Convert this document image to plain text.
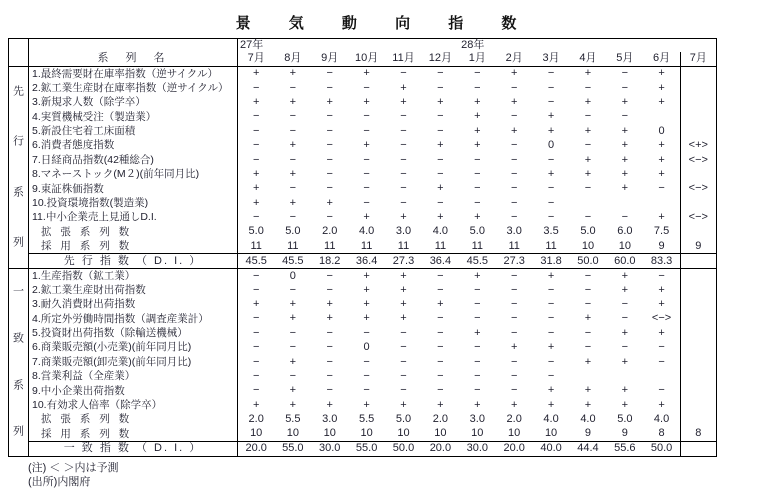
景 気 動 向 指 数
	系 列 名	27年 28年												7月
		7月	8月	9月	10月	11月	12月	1月	2月	3月	4月	5月	6月	

先
行
系
列	1.最終需要財在庫率指数（逆サイクル）	+	+	−	+	−	−	−	+	−	+	−	+	
	2.鉱工業生産財在庫率指数（逆サイクル）	−	−	−	−	+	−	−	−	−	−	−	+	
	3.新規求人数（除学卒）	+	+	+	+	+	+	+	+	−	+	+	+	
	4.実質機械受注（製造業）	−	−	−	−	−	−	+	−	+	−	−		
	5.新設住宅着工床面積	−	−	−	−	−	−	+	+	+	+	+	0	
	6.消費者態度指数	−	+	−	+	−	+	+	−	0	−	+	+	<+>
	7.日経商品指数(42種総合)	−	−	−	−	−	−	−	−	−	+	+	+	<−>
	8.マネーストック(M２)(前年同月比)	+	+	−	−	−	−	−	−	+	+	+	+	
	9.東証株価指数	+	−	−	−	−	+	−	−	−	−	+	−	<−>
	10.投資環境指数(製造業)	+	+	+	−	−	−	−	−	−				
	11.中小企業売上見通しD.I.	−	−	−	+	+	+	+	−	−	−	−	+	<−>
	拡 張 系 列 数	5.0	5.0	2.0	4.0	3.0	4.0	5.0	3.0	3.5	5.0	6.0	7.5	
	採 用 系 列 数	11	11	11	11	11	11	11	11	11	10	10	9	9
	先 行 指 数 （ D. I. ）	45.5	45.5	18.2	36.4	27.3	36.4	45.5	27.3	31.8	50.0	60.0	83.3	

一
致
系
列	1.生産指数（鉱工業）	−	0	−	+	+	−	+	−	+	−	+	−	
	2.鉱工業生産財出荷指数	−	−	−	+	+	−	−	−	−	−	+	+	
	3.耐久消費財出荷指数	+	+	+	+	+	+	−	−	−	−	−	+	
	4.所定外労働時間指数（調査産業計）	−	+	+	+	+	−	−	−	−	+	−	<−>	
	5.投資財出荷指数（除輸送機械）	−	−	−	−	−	−	+	−	−	−	+	+	
	6.商業販売額(小売業)(前年同月比)	−	−	−	0	−	−	−	+	+	−	−	−	
	7.商業販売額(卸売業)(前年同月比)	−	+	−	−	−	−	−	−	−	+	+	−	
	8.営業利益（全産業）	−	−	−	−	−	−	−	−	−				
	9.中小企業出荷指数	−	+	−	−	−	−	−	−	+	+	+	−	
	10.有効求人倍率（除学卒）	+	+	+	+	+	+	+	+	+	+	+	+	
	拡 張 系 列 数	2.0	5.5	3.0	5.5	5.0	2.0	3.0	2.0	4.0	4.0	5.0	4.0	
	採 用 系 列 数	10	10	10	10	10	10	10	10	10	9	9	8	8
	一 致 指 数 （ D. I. ）	20.0	55.0	30.0	55.0	50.0	20.0	30.0	20.0	40.0	44.4	55.6	50.0	
(注) ＜ ＞内は予測
(出所)内閣府
